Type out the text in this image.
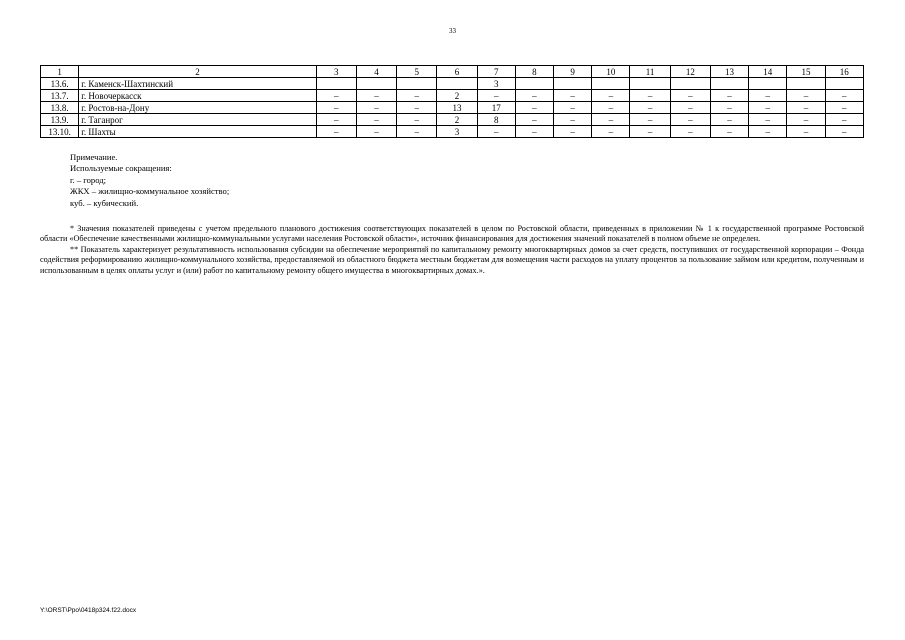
33
1	2	3	4	5	6	7	8	9	10	11	12	13	14	15	16
13.6.	г. Каменск-Шахтинский					3									
13.7.	г. Новочеркасск	–	–	–	2	–	–	–	–	–	–	–	–	–	–
13.8.	г. Ростов-на-Дону	–	–	–	13	17	–	–	–	–	–	–	–	–	–
13.9.	г. Таганрог	–	–	–	2	8	–	–	–	–	–	–	–	–	–
13.10.	г. Шахты	–	–	–	3	–	–	–	–	–	–	–	–	–	–
Примечание.
Используемые сокращения:
г. – город;
ЖКХ – жилищно-коммунальное хозяйство;
куб. – кубический.

* Значения показателей приведены с учетом предельного планового достижения соответствующих показателей в целом по Ростовской области, приведенных в приложении № 1 к государственной программе Ростовской области «Обеспечение качественными жилищно-коммунальными услугами населения Ростовской области», источник финансирования для достижения значений показателей в полном объеме не определен.

** Показатель характеризует результативность использования субсидии на обеспечение мероприятий по капитальному ремонту многоквартирных домов за счет средств, поступивших от государственной корпорации – Фонда содействия реформированию жилищно-коммунального хозяйства, предоставляемой из областного бюджета местным бюджетам для возмещения части расходов на уплату процентов за пользование займом или кредитом, полученным и использованным в целях оплаты услуг и (или) работ по капитальному ремонту общего имущества в многоквартирных домах.».

Y:\ORST\Ppo\0418p324.f22.docx
